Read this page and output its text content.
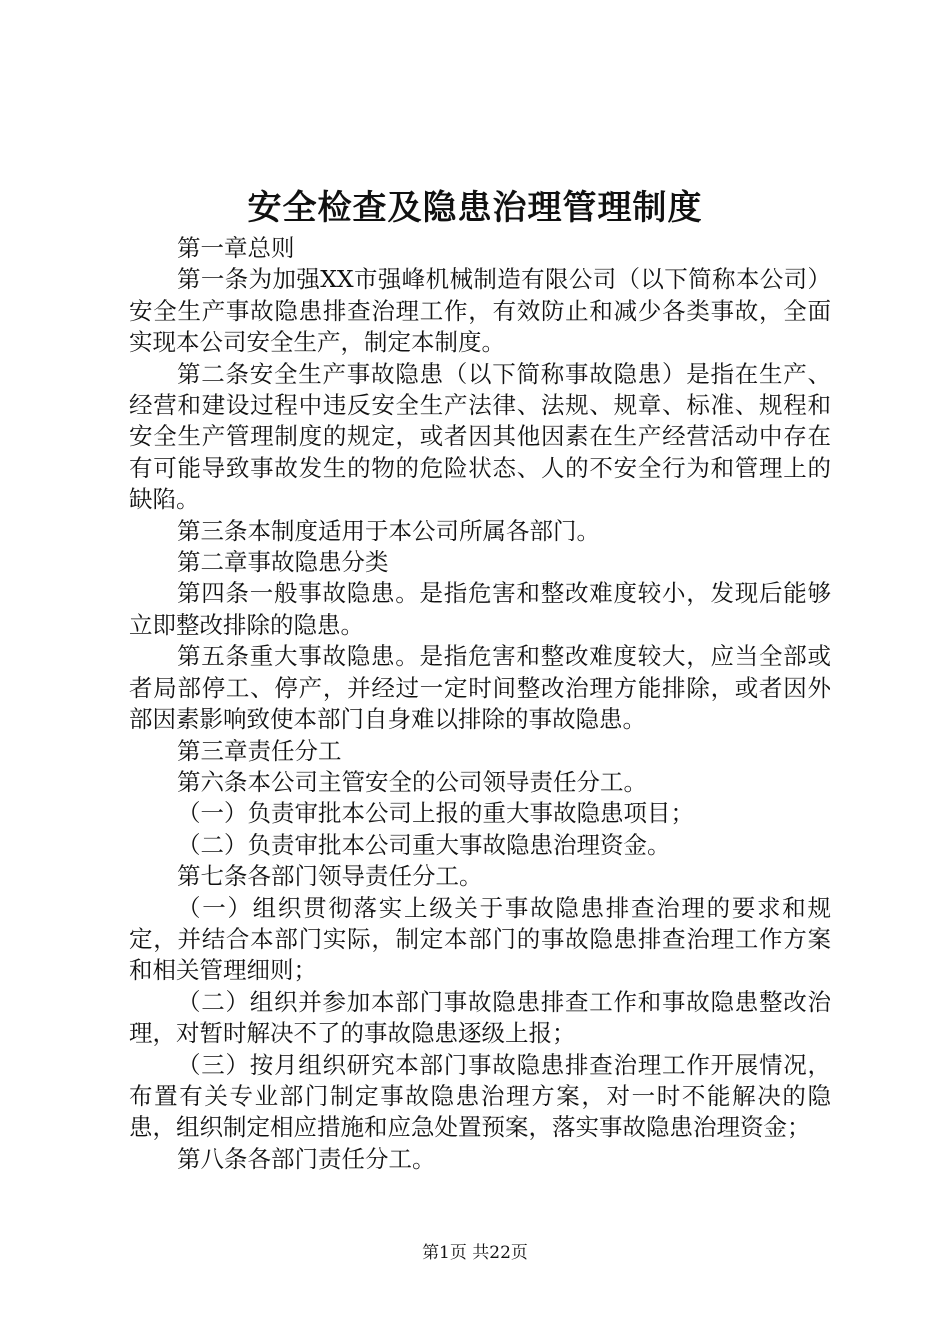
安全检查及隐患治理管理制度

第一章总则

第一条为加强XX市强峰机械制造有限公司（以下简称本公司）安全生产事故隐患排查治理工作，有效防止和减少各类事故，全面实现本公司安全生产，制定本制度。

第二条安全生产事故隐患（以下简称事故隐患）是指在生产、经营和建设过程中违反安全生产法律、法规、规章、标准、规程和安全生产管理制度的规定，或者因其他因素在生产经营活动中存在有可能导致事故发生的物的危险状态、人的不安全行为和管理上的缺陷。

第三条本制度适用于本公司所属各部门。

第二章事故隐患分类

第四条一般事故隐患。是指危害和整改难度较小，发现后能够立即整改排除的隐患。

第五条重大事故隐患。是指危害和整改难度较大，应当全部或者局部停工、停产，并经过一定时间整改治理方能排除，或者因外部因素影响致使本部门自身难以排除的事故隐患。

第三章责任分工

第六条本公司主管安全的公司领导责任分工。

（一）负责审批本公司上报的重大事故隐患项目；

（二）负责审批本公司重大事故隐患治理资金。

第七条各部门领导责任分工。

（一）组织贯彻落实上级关于事故隐患排查治理的要求和规定，并结合本部门实际，制定本部门的事故隐患排查治理工作方案和相关管理细则；

（二）组织并参加本部门事故隐患排查工作和事故隐患整改治理，对暂时解决不了的事故隐患逐级上报；

（三）按月组织研究本部门事故隐患排查治理工作开展情况，布置有关专业部门制定事故隐患治理方案，对一时不能解决的隐患，组织制定相应措施和应急处置预案，落实事故隐患治理资金；

第八条各部门责任分工。

第1页 共22页
